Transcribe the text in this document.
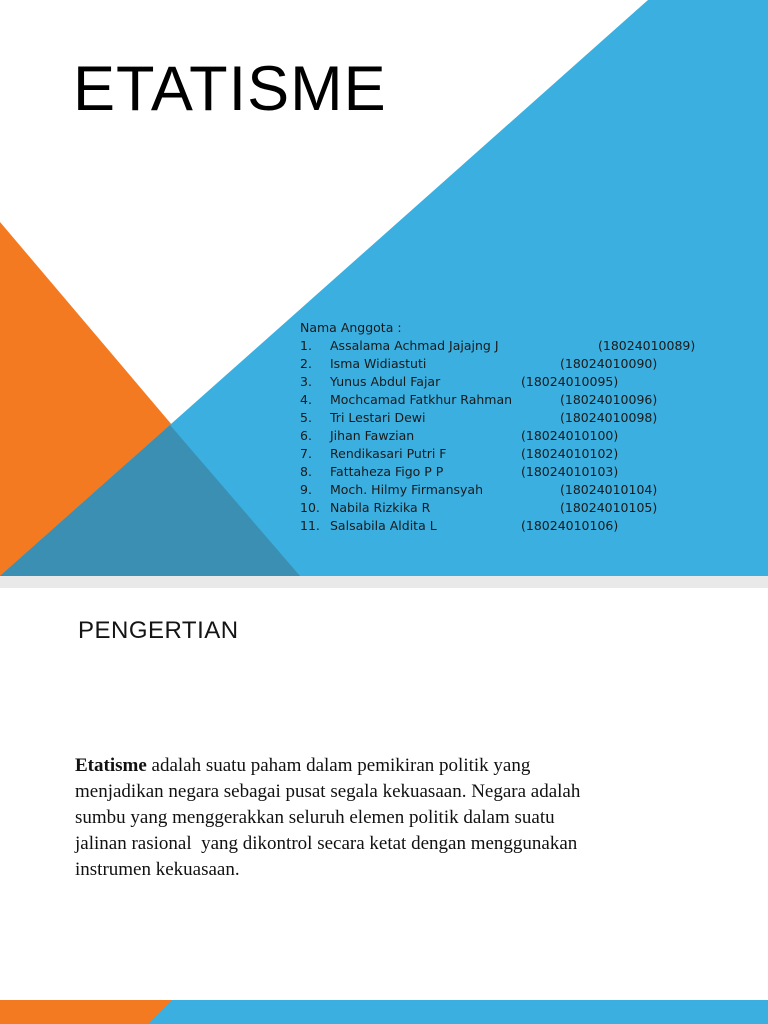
ETATISME
Nama Anggota :
1. Assalama Achmad Jajajng J	(18024010089)
2. Isma Widiastuti	(18024010090)
3. Yunus Abdul Fajar	(18024010095)
4. Mochcamad Fatkhur Rahman	(18024010096)
5. Tri Lestari Dewi	(18024010098)
6. Jihan Fawzian	(18024010100)
7. Rendikasari Putri F	(18024010102)
8. Fattaheza Figo P P	(18024010103)
9. Moch. Hilmy Firmansyah	(18024010104)
10. Nabila Rizkika R	(18024010105)
11. Salsabila Aldita L	(18024010106)
PENGERTIAN
Etatisme adalah suatu paham dalam pemikiran politik yang
menjadikan negara sebagai pusat segala kekuasaan. Negara adalah
sumbu yang menggerakkan seluruh elemen politik dalam suatu
jalinan rasional  yang dikontrol secara ketat dengan menggunakan
instrumen kekuasaan.
